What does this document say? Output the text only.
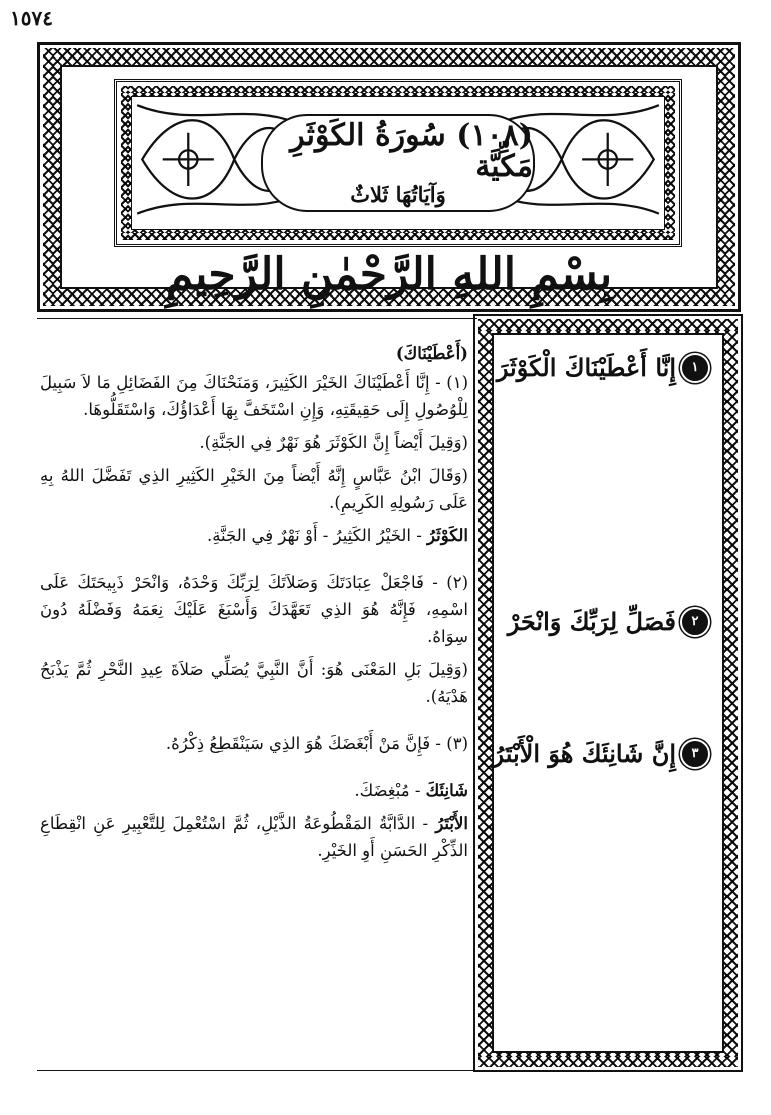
١٥٧٤
(١٠٨) سُورَةُ الكَوْثَرِ مَكِّيَّة
وَآيَاتُهَا ثَلاثٌ
بِسْمِ اللهِ الرَّحْمٰنِ الرَّحِيمِ
(أَعْطَيْنَاكَ)

(١) - إِنَّا أَعْطَيْنَاكَ الخَيْرَ الكَثِيرَ، وَمَنَحْنَاكَ مِنَ الفَضَائِلِ مَا لاَ سَبِيلَ لِلْوُصُولِ إِلَى حَقِيقَتِهِ، وَإِنِ اسْتَخَفَّ بِهَا أَعْدَاؤُكَ، وَاسْتَقَلُّوهَا.

(وَقِيلَ أَيْضاً إِنَّ الكَوْثَرَ هُوَ نَهْرٌ فِي الجَنَّةِ).

(وَقَالَ ابْنُ عَبَّاسٍ إِنَّهُ أَيْضاً مِنَ الخَيْرِ الكَثِيرِ الذِي تَفَضَّلَ اللهُ بِهِ عَلَى رَسُولِهِ الكَرِيمِ).

الكَوْثَرُ - الخَيْرُ الكَثِيرُ - أَوْ نَهْرٌ فِي الجَنَّةِ.

(٢) - فَاجْعَلْ عِبَادَتَكَ وَصَلاَتَكَ لِرَبِّكَ وَحْدَهُ، وَانْحَرْ ذَبِيحَتَكَ عَلَى اسْمِهِ، فَإِنَّهُ هُوَ الذِي تَعَهَّدَكَ وَأَسْبَغَ عَلَيْكَ نِعَمَهُ وَفَضْلَهُ دُونَ سِوَاهُ.

(وَقِيلَ بَلِ المَعْنَى هُوَ: أَنَّ النَّبِيَّ يُصَلِّي صَلاَةَ عِيدِ النَّحْرِ ثُمَّ يَذْبَحُ هَدْيَهُ).

(٣) - فَإِنَّ مَنْ أَبْغَضَكَ هُوَ الذِي سَيَنْقَطِعُ ذِكْرُهُ.

شَانِئَكَ - مُبْغِضَكَ.

الأَبْتَرُ - الدَّابَّةُ المَقْطُوعَةُ الذَّيْلِ، ثُمَّ اسْتُعْمِلَ لِلتَّعْبِيرِ عَنِ انْقِطَاعِ الذِّكْرِ الحَسَنِ أَوِ الخَيْرِ.

١
إِنَّا أَعْطَيْنَاكَ الْكَوْثَرَ
٢
فَصَلِّ لِرَبِّكَ وَانْحَرْ
٣
إِنَّ شَانِئَكَ هُوَ الْأَبْتَرُ
